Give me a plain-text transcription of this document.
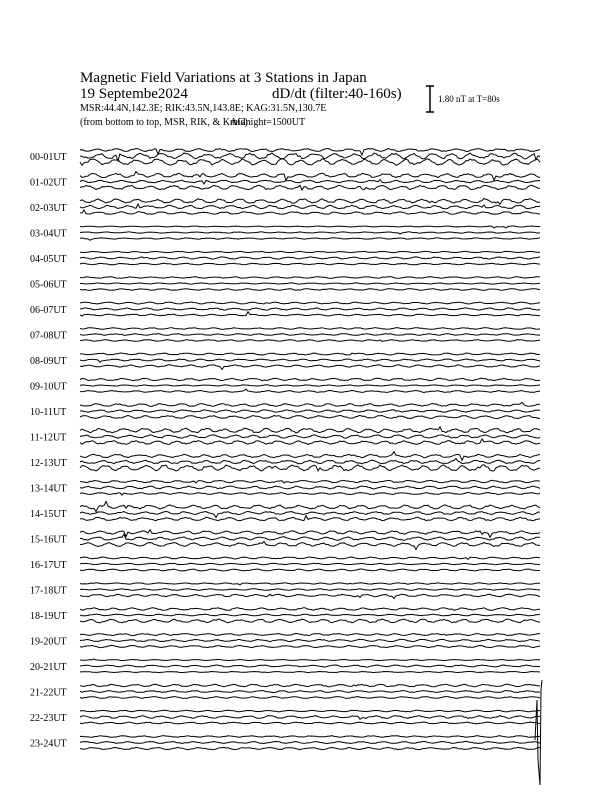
Magnetic Field Variations at 3 Stations in Japan
19 Septembe2024	dD/dt (filter:40-160s)
MSR:44.4N,142.3E; RIK:43.5N,143.8E; KAG:31.5N,130.7E
(from bottom to top, MSR, RIK, & KAG)
midnight=1500UT
1.80 nT at T=80s
00-01UT
01-02UT
02-03UT
03-04UT
04-05UT
05-06UT
06-07UT
07-08UT
08-09UT
09-10UT
10-11UT
11-12UT
12-13UT
13-14UT
14-15UT
15-16UT
16-17UT
17-18UT
18-19UT
19-20UT
20-21UT
21-22UT
22-23UT
23-24UT
